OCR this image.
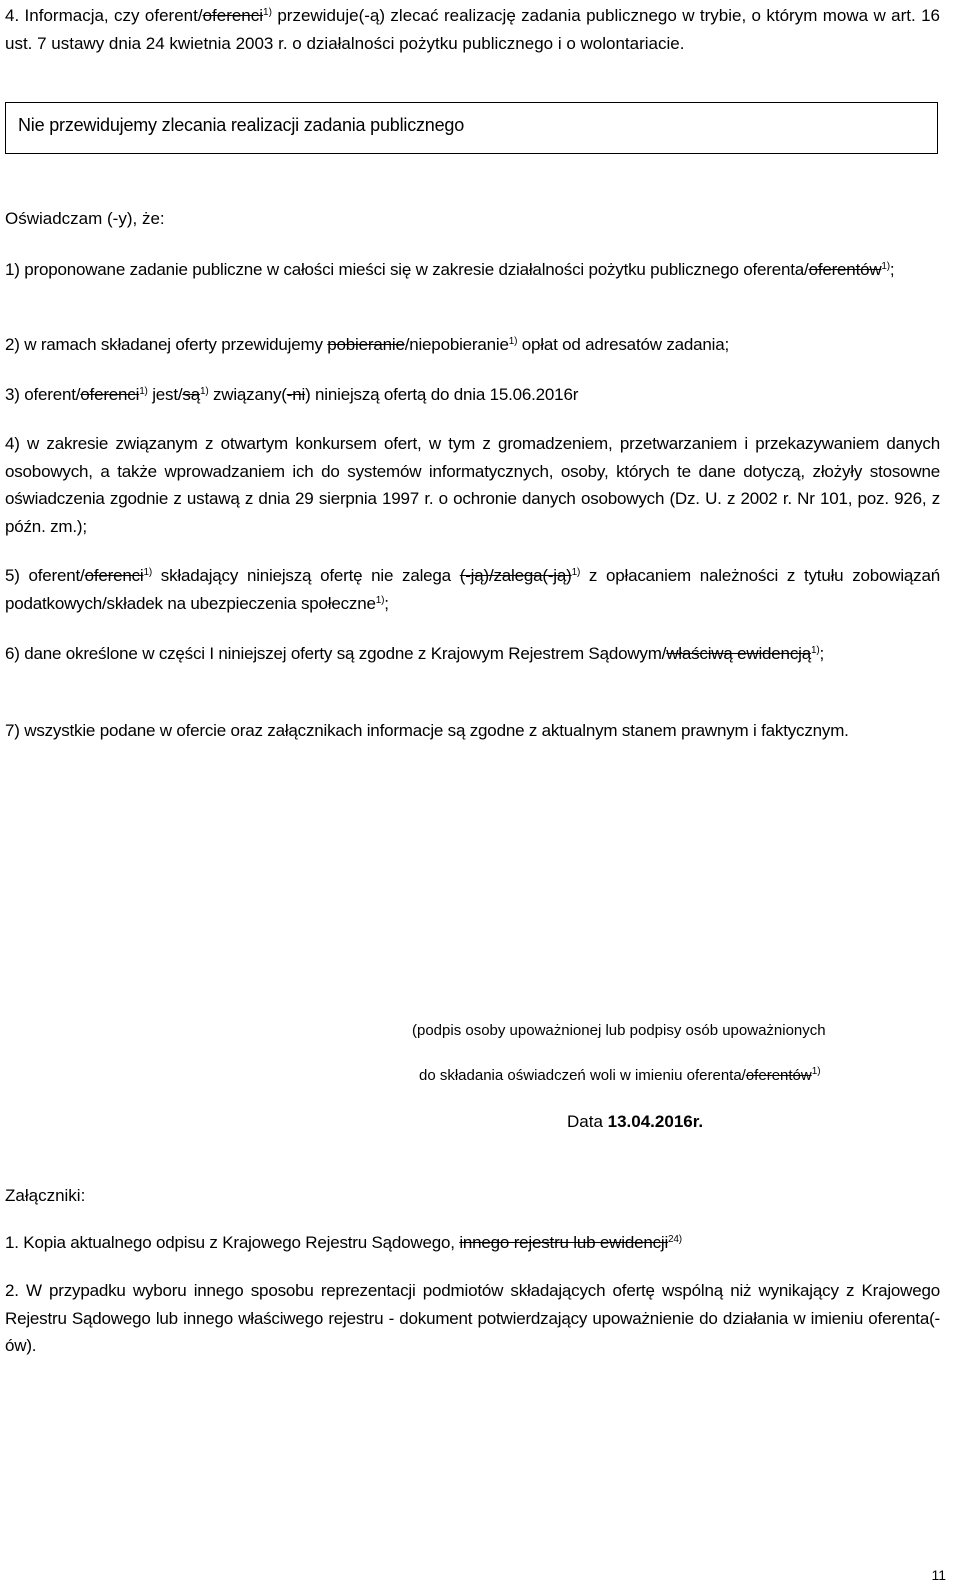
4. Informacja, czy oferent/oferenci$^{1)}$ przewiduje(-ą) zlecać realizację zadania publicznego w trybie, o którym mowa w art. 16 ust. 7 ustawy dnia 24 kwietnia 2003 r. o działalności pożytku publicznego i o wolontariacie.
Nie przewidujemy zlecania realizacji zadania publicznego
Oświadczam (-y), że:
1) proponowane zadanie publiczne w całości mieści się w zakresie działalności pożytku publicznego oferenta/oferentów$^{1)}$;
2) w ramach składanej oferty przewidujemy pobieranie/niepobieranie$^{1)}$ opłat od adresatów zadania;
3) oferent/oferenci$^{1)}$ jest/$są^{1)}$ związany(-ni) niniejszą ofertą do dnia 15.06.2016r
4) w zakresie związanym z otwartym konkursem ofert, w tym z gromadzeniem, przetwarzaniem i przekazywaniem danych osobowych, a także wprowadzaniem ich do systemów informatycznych, osoby, których te dane dotyczą, złożyły stosowne oświadczenia zgodnie z ustawą z dnia 29 sierpnia 1997 r. o ochronie danych osobowych (Dz. U. z 2002 r. Nr 101, poz. 926, z późn. zm.);
5) oferent/oferenci$^{1)}$ składający niniejszą ofertę nie zalega (-ją)/zalega(-ją)$^{1)}$ z opłacaniem należności z tytułu zobowiązań podatkowych/składek na ubezpieczenia społeczne$^{1)}$;
6) dane określone w części I niniejszej oferty są zgodne z Krajowym Rejestrem Sądowym/właściwą ewidencją$^{1)}$;
7) wszystkie podane w ofercie oraz załącznikach informacje są zgodne z aktualnym stanem prawnym i faktycznym.
(podpis osoby upoważnionej lub podpisy osób upoważnionych
do składania oświadczeń woli w imieniu oferenta/oferentów$^{1)}$
Data 13.04.2016r.
Załączniki:
1. Kopia aktualnego odpisu z Krajowego Rejestru Sądowego, innego rejestru lub ewidencji$^{24)}$
2. W przypadku wyboru innego sposobu reprezentacji podmiotów składających ofertę wspólną niż wynikający z Krajowego Rejestru Sądowego lub innego właściwego rejestru - dokument potwierdzający upoważnienie do działania w imieniu oferenta(-ów).
11
